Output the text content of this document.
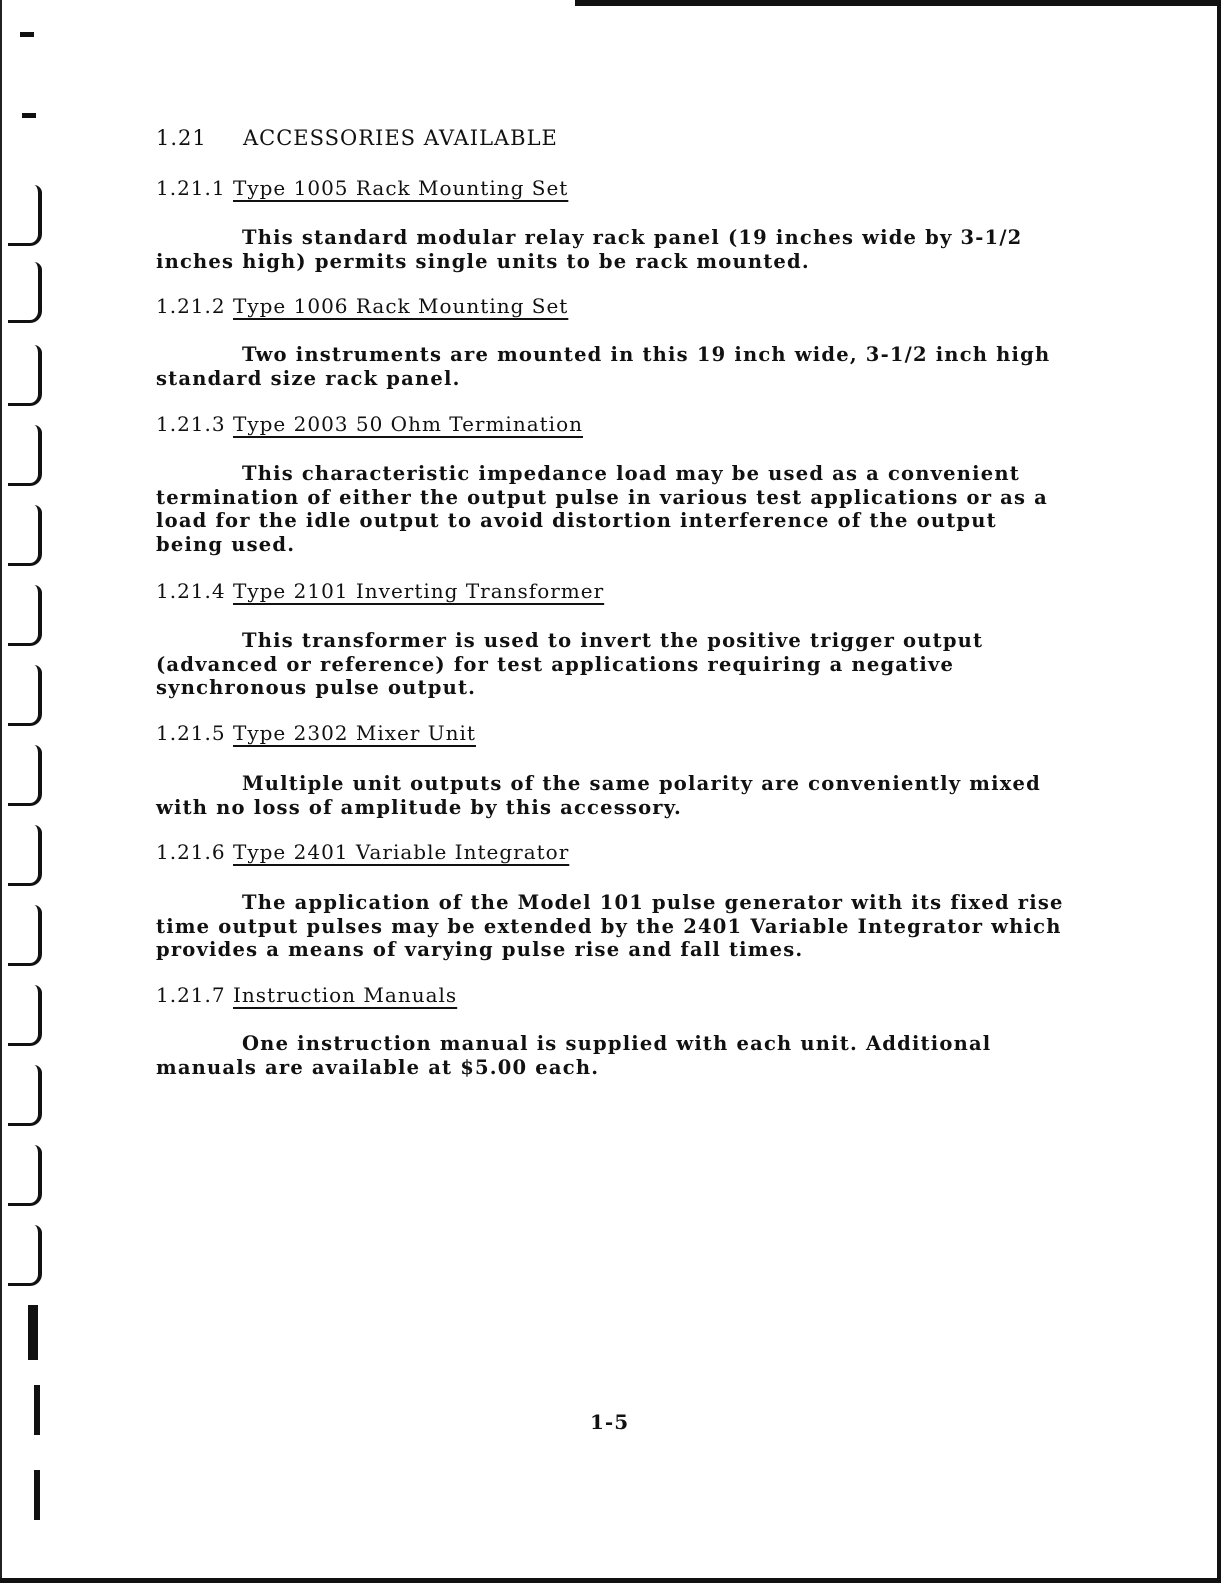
1.21 ACCESSORIES AVAILABLE
1.21.1 Type 1005 Rack Mounting Set

This standard modular relay rack panel (19 inches wide by 3-1/2 inches high) permits single units to be rack mounted.

1.21.2 Type 1006 Rack Mounting Set

Two instruments are mounted in this 19 inch wide, 3-1/2 inch high standard size rack panel.

1.21.3 Type 2003 50 Ohm Termination

This characteristic impedance load may be used as a convenient termination of either the output pulse in various test applications or as a load for the idle output to avoid distortion interference of the output being used.

1.21.4 Type 2101 Inverting Transformer

This transformer is used to invert the positive trigger output (advanced or reference) for test applications requiring a negative synchronous pulse output.

1.21.5 Type 2302 Mixer Unit

Multiple unit outputs of the same polarity are conveniently mixed with no loss of amplitude by this accessory.

1.21.6 Type 2401 Variable Integrator

The application of the Model 101 pulse generator with its fixed rise time output pulses may be extended by the 2401 Variable Integrator which provides a means of varying pulse rise and fall times.

1.21.7 Instruction Manuals

One instruction manual is supplied with each unit. Additional manuals are available at $5.00 each.

1-5
